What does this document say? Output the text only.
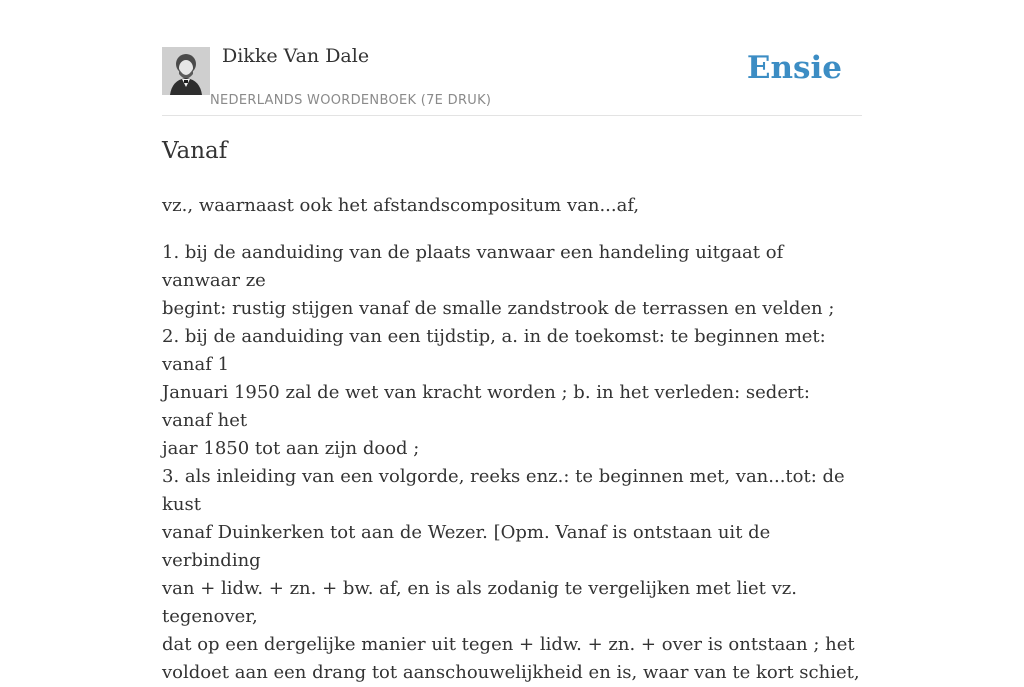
Dikke Van Dale
NEDERLANDS WOORDENBOEK (7E DRUK)
Ensie
Vanaf

vz., waarnaast ook het afstandscompositum van...af,

1. bij de aanduiding van de plaats vanwaar een handeling uitgaat of vanwaar ze
begint: rustig stijgen vanaf de smalle zandstrook de terrassen en velden ;
2. bij de aanduiding van een tijdstip, a. in de toekomst: te beginnen met: vanaf 1
Januari 1950 zal de wet van kracht worden ; b. in het verleden: sedert: vanaf het
jaar 1850 tot aan zijn dood ;
3. als inleiding van een volgorde, reeks enz.: te beginnen met, van...tot: de kust
vanaf Duinkerken tot aan de Wezer. [Opm. Vanaf is ontstaan uit de verbinding
van + lidw. + zn. + bw. af, en is als zodanig te vergelijken met liet vz. tegenover,
dat op een dergelijke manier uit tegen + lidw. + zn. + over is ontstaan ; het
voldoet aan een drang tot aanschouwelijkheid en is, waar van te kort schiet,
